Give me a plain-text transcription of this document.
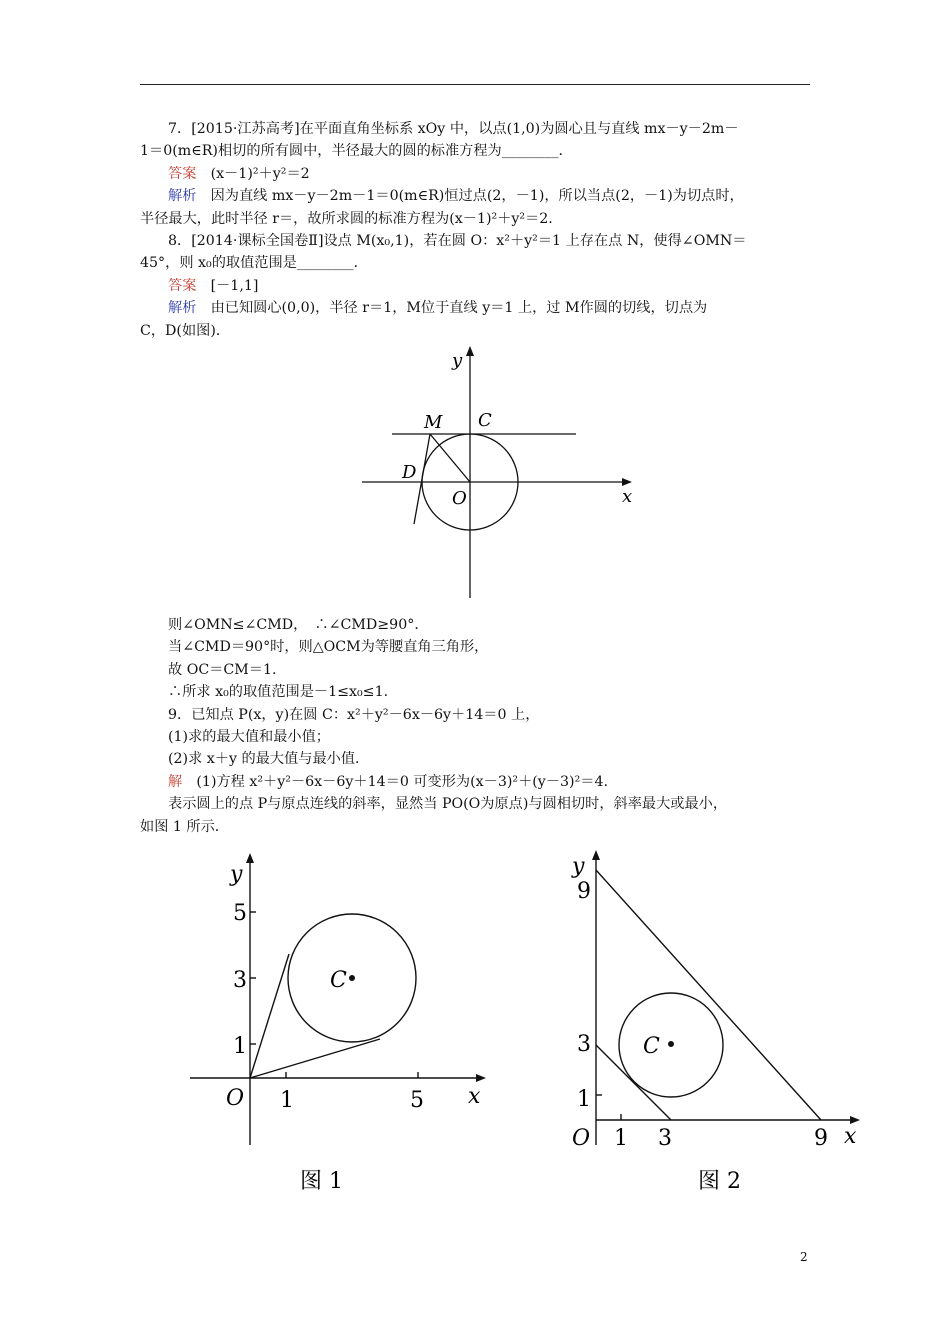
7．[2015·江苏高考]在平面直角坐标系 xOy 中，以点(1,0)为圆心且与直线 mx－y－2m－

1＝0(m∈R)相切的所有圆中，半径最大的圆的标准方程为________．

答案　(x－1)²＋y²＝2

解析　因为直线 mx－y－2m－1＝0(m∈R)恒过点(2，－1)，所以当点(2，－1)为切点时，

半径最大，此时半径 r＝，故所求圆的标准方程为(x－1)²＋y²＝2.

8．[2014·课标全国卷Ⅱ]设点 M(x₀,1)，若在圆 O：x²＋y²＝1 上存在点 N，使得∠OMN＝

45°，则 x₀的取值范围是________．

答案　[－1,1]

解析　由已知圆心(0,0)，半径 r＝1，M位于直线 y＝1 上，过 M作圆的切线，切点为

C，D(如图)．

y
x
M C
D
O

则∠OMN≤∠CMD，　∴∠CMD≥90°．

当∠CMD＝90°时，则△OCM为等腰直角三角形，

故 OC＝CM＝1.

∴所求 x₀的取值范围是－1≤x₀≤1.

9．已知点 P(x，y)在圆 C：x²＋y²－6x－6y＋14＝0 上，

(1)求的最大值和最小值；

(2)求 x＋y 的最大值与最小值．

解　(1)方程 x²＋y²－6x－6y＋14＝0 可变形为(x－3)²＋(y－3)²＝4.

表示圆上的点 P与原点连线的斜率，显然当 PO(O为原点)与圆相切时，斜率最大或最小，

如图 1 所示．

y
x
O
C
5
3
1
1	5
图 1
y
x
O
C
9
3
1
1 3	9
图 2
2
